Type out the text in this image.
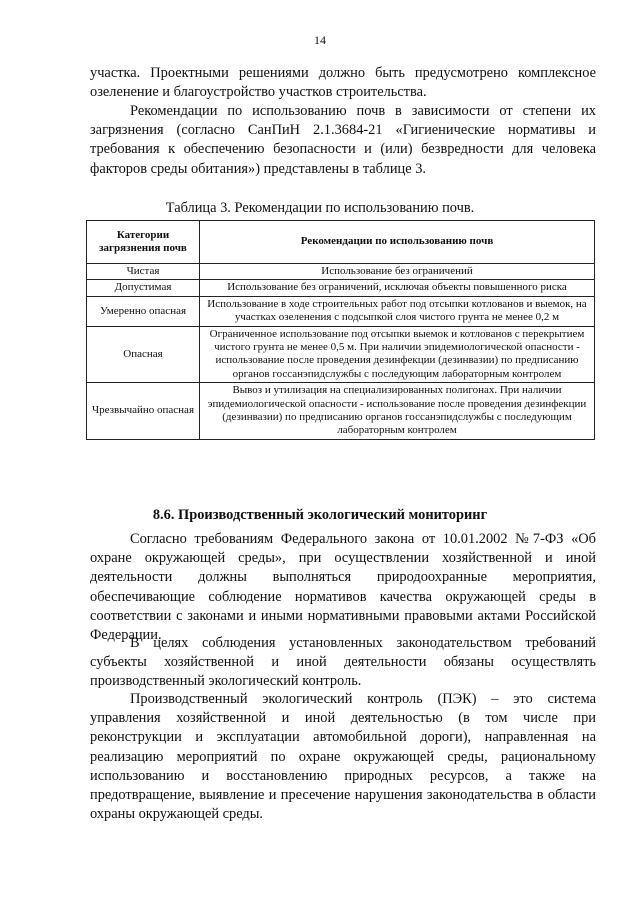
14

участка. Проектными решениями должно быть предусмотрено комплексное озеленение и благоустройство участков строительства.

Рекомендации по использованию почв в зависимости от степени их загрязнения (согласно СанПиН 2.1.3684-21 «Гигиенические нормативы и требования к обеспечению безопасности и (или) безвредности для человека факторов среды обитания») представлены в таблице 3.

Таблица 3. Рекомендации по использованию почв.
Категории загрязнения почв	Рекомендации по использованию почв
Чистая	Использование без ограничений
Допустимая	Использование без ограничений, исключая объекты повышенного риска
Умеренно опасная	Использование в ходе строительных работ под отсыпки котлованов и выемок, на участках озеленения с подсыпкой слоя чистого грунта не менее 0,2 м
Опасная	Ограниченное использование под отсыпки выемок и котлованов с перекрытием чистого грунта не менее 0,5 м. При наличии эпидемиологической опасности - использование после проведения дезинфекции (дезинвазии) по предписанию органов госсанэпидслужбы с последующим лабораторным контролем
Чрезвычайно опасная	Вывоз и утилизация на специализированных полигонах. При наличии эпидемиологической опасности - использование после проведения дезинфекции (дезинвазии) по предписанию органов госсанэпидслужбы с последующим лабораторным контролем
8.6. Производственный экологический мониторинг

Согласно требованиям Федерального закона от 10.01.2002 №7-ФЗ «Об охране окружающей среды», при осуществлении хозяйственной и иной деятельности должны выполняться природоохранные мероприятия, обеспечивающие соблюдение нормативов качества окружающей среды в соответствии с законами и иными нормативными правовыми актами Российской Федерации.

В целях соблюдения установленных законодательством требований субъекты хозяйственной и иной деятельности обязаны осуществлять производственный экологический контроль.

Производственный экологический контроль (ПЭК) – это система управления хозяйственной и иной деятельностью (в том числе при реконструкции и эксплуатации автомобильной дороги), направленная на реализацию мероприятий по охране окружающей среды, рациональному использованию и восстановлению природных ресурсов, а также на предотвращение, выявление и пресечение нарушения законодательства в области охраны окружающей среды.
